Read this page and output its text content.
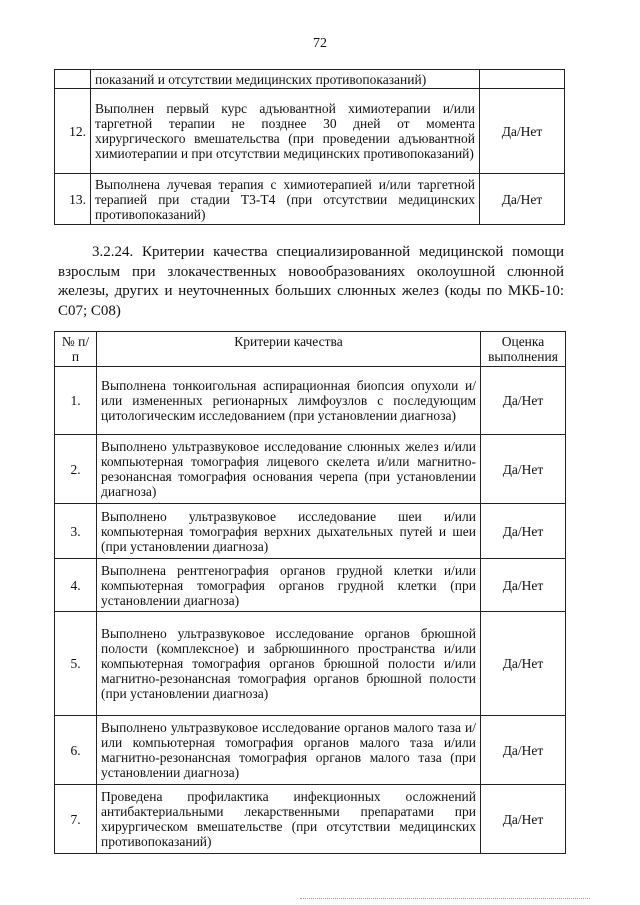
72
	показаний и отсутствии медицинских противопоказаний)	
12.	Выполнен первый курс адъювантной химиотерапии и/или таргетной терапии не позднее 30 дней от момента хирургического вмешательства (при проведении адъювантной химиотерапии и при отсутствии медицинских противопоказаний)	Да/Нет
13.	Выполнена лучевая терапия с химиотерапией и/или таргетной терапией при стадии Т3-Т4 (при отсутствии медицинских противопоказаний)	Да/Нет
3.2.24. Критерии качества специализированной медицинской помощи взрослым при злокачественных новообразованиях околоушной слюнной железы, других и неуточненных больших слюнных желез (коды по МКБ-10: С07; С08)
№ п/п	Критерии качества	Оценка выполнения
1.	Выполнена тонкоигольная аспирационная биопсия опухоли и/или измененных регионарных лимфоузлов с последующим цитологическим исследованием (при установлении диагноза)	Да/Нет
2.	Выполнено ультразвуковое исследование слюнных желез и/или компьютерная томография лицевого скелета и/или магнитно-резонансная томография основания черепа (при установлении диагноза)	Да/Нет
3.	Выполнено ультразвуковое исследование шеи и/или компьютерная томография верхних дыхательных путей и шеи (при установлении диагноза)	Да/Нет
4.	Выполнена рентгенография органов грудной клетки и/или компьютерная томография органов грудной клетки (при установлении диагноза)	Да/Нет
5.	Выполнено ультразвуковое исследование органов брюшной полости (комплексное) и забрюшинного пространства и/или компьютерная томография органов брюшной полости и/или магнитно-резонансная томография органов брюшной полости (при установлении диагноза)	Да/Нет
6.	Выполнено ультразвуковое исследование органов малого таза и/или компьютерная томография органов малого таза и/или магнитно-резонансная томография органов малого таза (при установлении диагноза)	Да/Нет
7.	Проведена профилактика инфекционных осложнений антибактериальными лекарственными препаратами при хирургическом вмешательстве (при отсутствии медицинских противопоказаний)	Да/Нет
